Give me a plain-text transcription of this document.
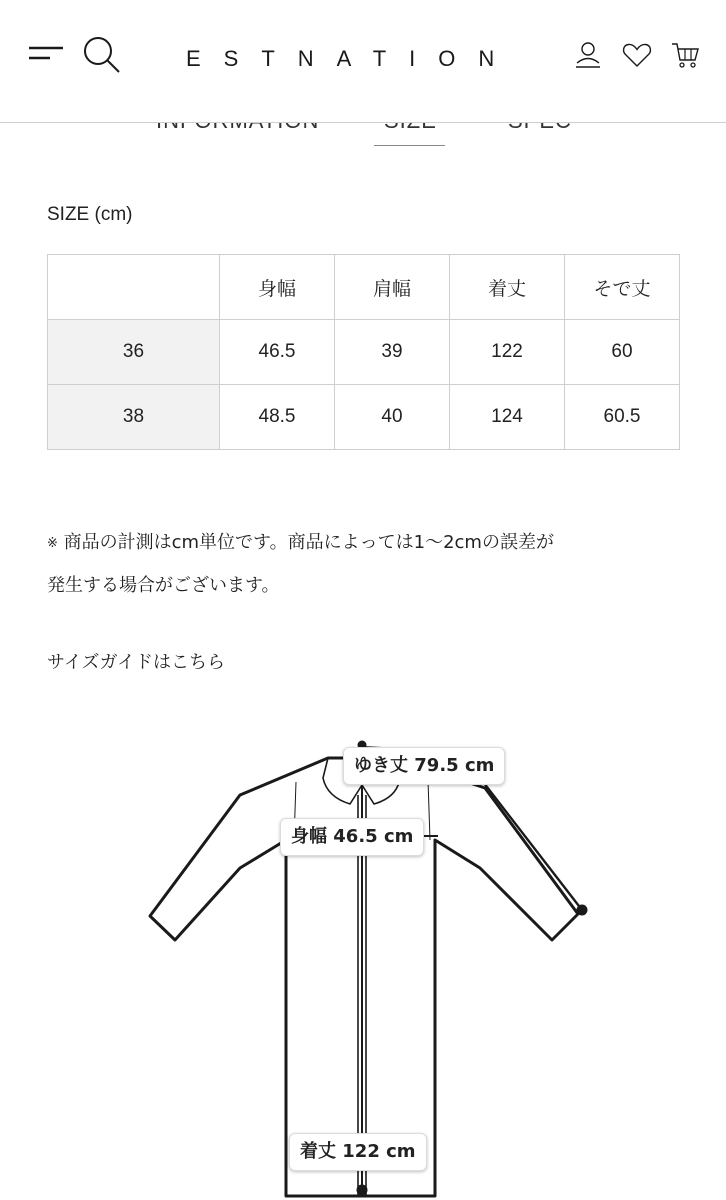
ESTNATION
SIZE (cm)
	身幅	肩幅	着丈	そで丈
36	46.5	39	122	60
38	48.5	40	124	60.5
※ 商品の計測はcm単位です。商品によっては1〜2cmの誤差が
発生する場合がございます。
サイズガイドはこちら
ゆき丈 79.5 cm
身幅 46.5 cm
着丈 122 cm
